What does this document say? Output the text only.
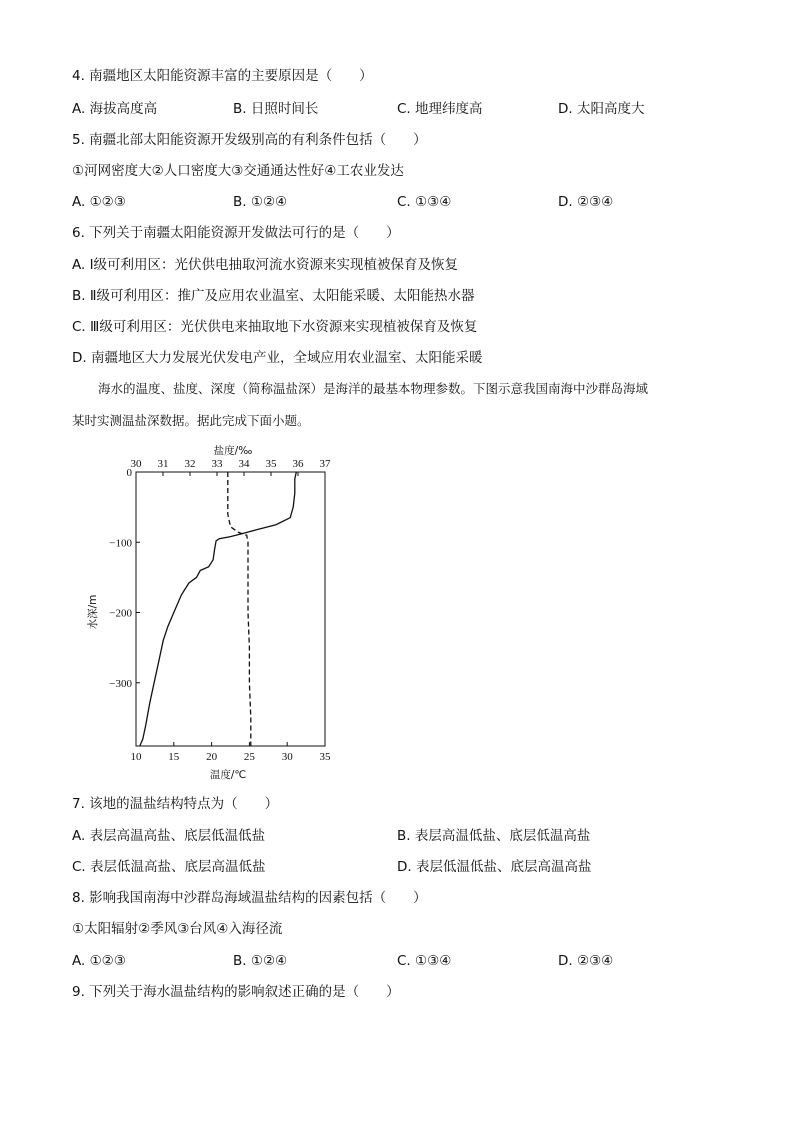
4. 南疆地区太阳能资源丰富的主要原因是（　　）
A. 海拔高度高	B. 日照时间长	C. 地理纬度高	D. 太阳高度大
5. 南疆北部太阳能资源开发级别高的有利条件包括（　　）
①河网密度大②人口密度大③交通通达性好④工农业发达
A. ①②③	B. ①②④	C. ①③④	D. ②③④
6. 下列关于南疆太阳能资源开发做法可行的是（　　）
A. Ⅰ级可利用区：光伏供电抽取河流水资源来实现植被保育及恢复
B. Ⅱ级可利用区：推广及应用农业温室、太阳能采暖、太阳能热水器
C. Ⅲ级可利用区：光伏供电来抽取地下水资源来实现植被保育及恢复
D. 南疆地区大力发展光伏发电产业，全域应用农业温室、太阳能采暖
海水的温度、盐度、深度（简称温盐深）是海洋的最基本物理参数。下图示意我国南海中沙群岛海域
某时实测温盐深数据。据此完成下面小题。
30 31 32 33 34 35 36 37
10 15 20 25 30 35
0
−100
−200
−300
盐度/‰
温度/℃
水深/m
7. 该地的温盐结构特点为（　　）
A. 表层高温高盐、底层低温低盐	B. 表层高温低盐、底层低温高盐
C. 表层低温高盐、底层高温低盐	D. 表层低温低盐、底层高温高盐
8. 影响我国南海中沙群岛海域温盐结构的因素包括（　　）
①太阳辐射②季风③台风④入海径流
A. ①②③	B. ①②④	C. ①③④	D. ②③④
9. 下列关于海水温盐结构的影响叙述正确的是（　　）
